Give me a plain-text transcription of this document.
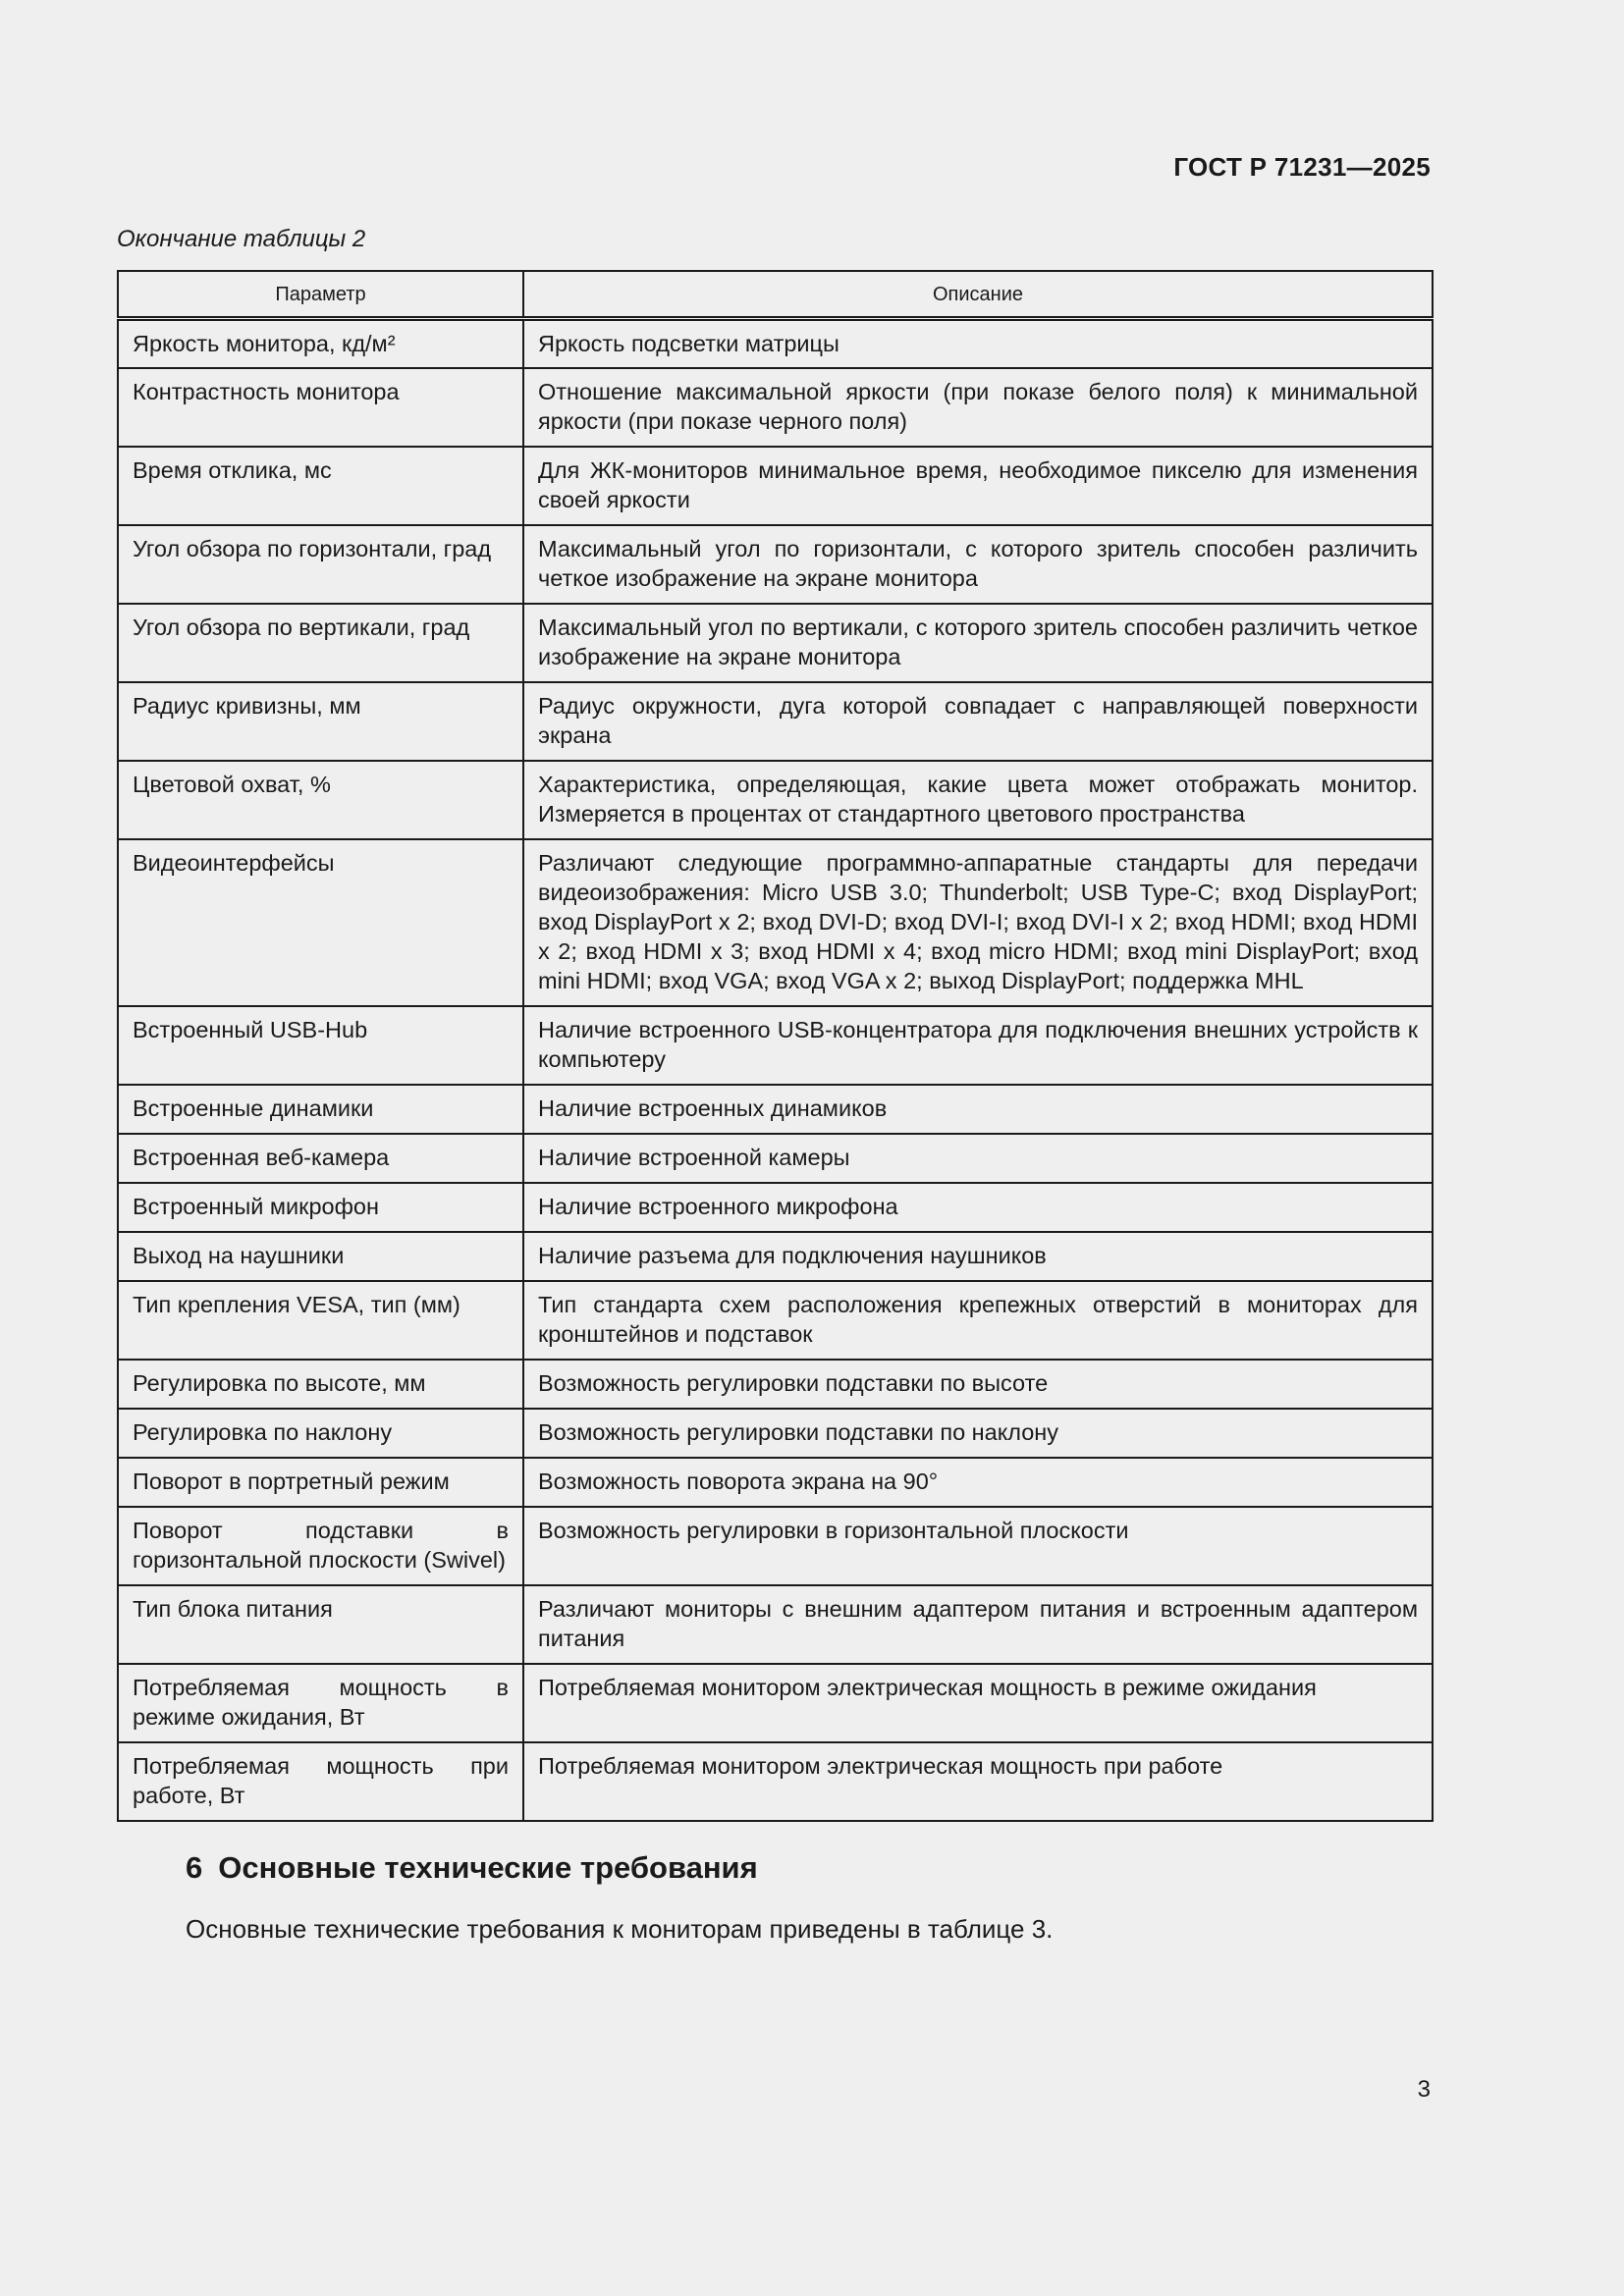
ГОСТ Р 71231—2025
Окончание таблицы 2
Параметр	Описание
Яркость монитора, кд/м²	Яркость подсветки матрицы
Контрастность монитора	Отношение максимальной яркости (при показе белого поля) к минимальной яркости (при показе черного поля)
Время отклика, мс	Для ЖК-мониторов минимальное время, необходимое пикселю для изменения своей яркости
Угол обзора по горизонтали, град	Максимальный угол по горизонтали, с которого зритель способен различить четкое изображение на экране монитора
Угол обзора по вертикали, град	Максимальный угол по вертикали, с которого зритель способен различить четкое изображение на экране монитора
Радиус кривизны, мм	Радиус окружности, дуга которой совпадает с направляющей поверхности экрана
Цветовой охват, %	Характеристика, определяющая, какие цвета может отображать монитор. Измеряется в процентах от стандартного цветового пространства
Видеоинтерфейсы	Различают следующие программно-аппаратные стандарты для передачи видеоизображения: Micro USB 3.0; Thunderbolt; USB Type-C; вход DisplayPort; вход DisplayPort x 2; вход DVI-D; вход DVI-I; вход DVI-I x 2; вход HDMI; вход HDMI x 2; вход HDMI x 3; вход HDMI x 4; вход micro HDMI; вход mini DisplayPort; вход mini HDMI; вход VGA; вход VGA x 2; выход DisplayPort; поддержка MHL
Встроенный USB-Hub	Наличие встроенного USB-концентратора для подключения внешних устройств к компьютеру
Встроенные динамики	Наличие встроенных динамиков
Встроенная веб-камера	Наличие встроенной камеры
Встроенный микрофон	Наличие встроенного микрофона
Выход на наушники	Наличие разъема для подключения наушников
Тип крепления VESA, тип (мм)	Тип стандарта схем расположения крепежных отверстий в мониторах для кронштейнов и подставок
Регулировка по высоте, мм	Возможность регулировки подставки по высоте
Регулировка по наклону	Возможность регулировки подставки по наклону
Поворот в портретный режим	Возможность поворота экрана на 90°
Поворот подставки в горизонтальной плоскости (Swivel)	Возможность регулировки в горизонтальной плоскости
Тип блока питания	Различают мониторы с внешним адаптером питания и встроенным адаптером питания
Потребляемая мощность в режиме ожидания, Вт	Потребляемая монитором электрическая мощность в режиме ожидания
Потребляемая мощность при работе, Вт	Потребляемая монитором электрическая мощность при работе
6 Основные технические требования
Основные технические требования к мониторам приведены в таблице 3.
3
